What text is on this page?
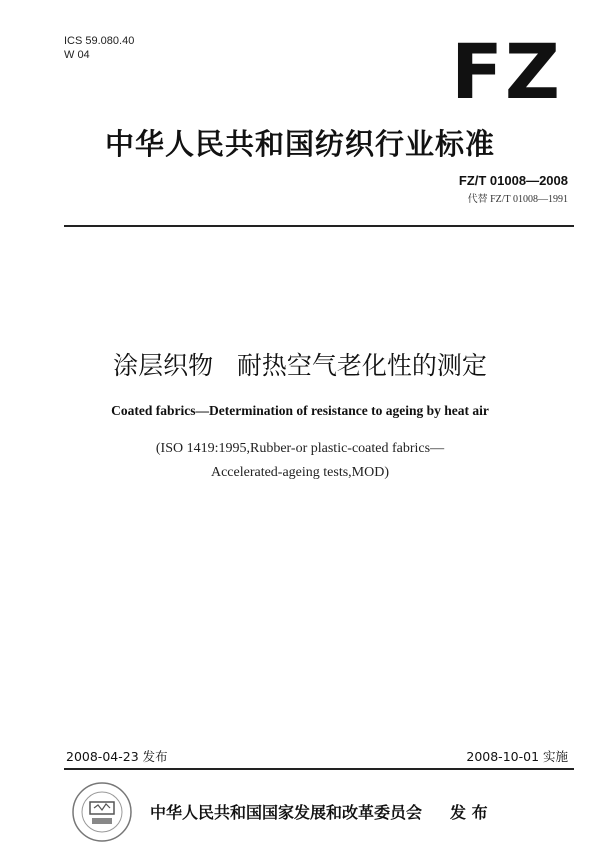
ICS 59.080.40
W 04	FZ
中华人民共和国纺织行业标准
FZ/T 01008—2008
代替 FZ/T 01008—1991
涂层织物   耐热空气老化性的测定
Coated fabrics—Determination of resistance to ageing by heat air
(ISO 1419:1995,Rubber-or plastic-coated fabrics—
Accelerated-ageing tests,MOD)
2008-04-23 发布	2008-10-01 实施
中华人民共和国国家发展和改革委员会 发 布
